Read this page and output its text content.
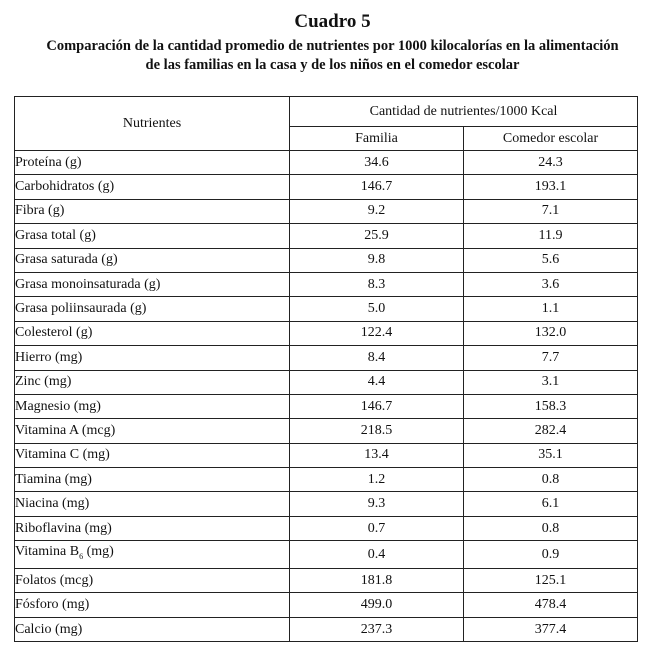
Cuadro 5
Comparación de la cantidad promedio de nutrientes por 1000 kilocalorías en la alimentación
de las familias en la casa y de los niños en el comedor escolar
Nutrientes	Cantidad de nutrientes/1000 Kcal	
	Familia	Comedor escolar
Proteína (g)	34.6	24.3
Carbohidratos (g)	146.7	193.1
Fibra (g)	9.2	7.1
Grasa total (g)	25.9	11.9
Grasa saturada (g)	9.8	5.6
Grasa monoinsaturada (g)	8.3	3.6
Grasa poliinsaurada (g)	5.0	1.1
Colesterol (g)	122.4	132.0
Hierro (mg)	8.4	7.7
Zinc (mg)	4.4	3.1
Magnesio (mg)	146.7	158.3
Vitamina A (mcg)	218.5	282.4
Vitamina C (mg)	13.4	35.1
Tiamina (mg)	1.2	0.8
Niacina (mg)	9.3	6.1
Riboflavina (mg)	0.7	0.8
Vitamina $B_6$ (mg)	0.4	0.9
Folatos (mcg)	181.8	125.1
Fósforo (mg)	499.0	478.4
Calcio (mg)	237.3	377.4
